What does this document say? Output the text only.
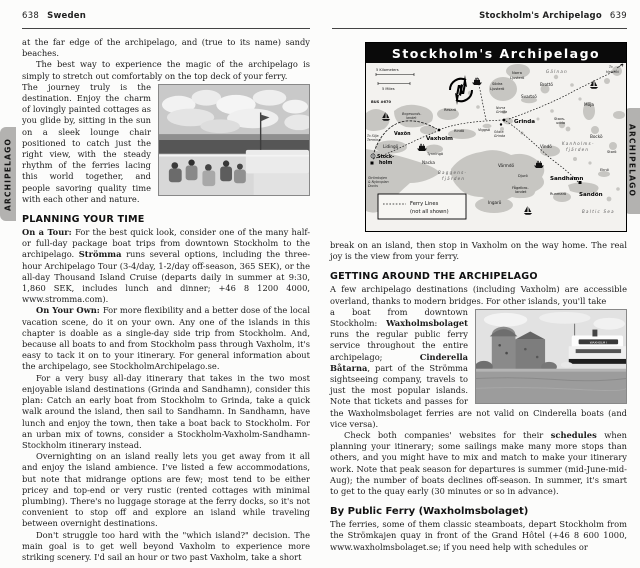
638 Sweden
ARCHIPELAGO

at the far edge of the archipelago, and (true to its name) sandy beaches.

The best way to experience the magic of the archipelago is simply to stretch out comfortably on the top deck of your ferry.

The journey truly is the destination. Enjoy the charm of lovingly painted cottages as you glide by, sitting in the sun on a sleek lounge chair positioned to catch just the right view, with the steady rhythm of the ferries lacing this world together, and people savoring quality time with each other and nature.

PLANNING YOUR TIME

On a Tour: For the best quick look, consider one of the many half- or full-day package boat trips from downtown Stockholm to the archipelago. Strömma runs several options, including the three-hour Archipelago Tour (3-4/day, 1-2/day off-season, 365 SEK), or the all-day Thousand Island Cruise (departs daily in summer at 9:30, 1,860 SEK, includes lunch and dinner; +46 8 1200 4000, www.stromma.com).

On Your Own: For more flexibility and a better dose of the local vacation scene, do it on your own. Any one of the islands in this chapter is doable as a single-day side trip from Stockholm. And, because all boats to and from Stockholm pass through Vaxholm, it's easy to tack it on to your itinerary. For general information about the archipelago, see StockholmArchipelago.se.

For a very busy all-day itinerary that takes in the two most enjoyable island destinations (Grinda and Sandhamn), consider this plan: Catch an early boat from Stockholm to Grinda, take a quick walk around the island, then sail to Sandhamn. In Sandhamn, have lunch and enjoy the town, then take a boat back to Stockholm. For an urban mix of towns, consider a Stockholm-Vaxholm-Sandhamn-Stockholm itinerary instead.

Overnighting on an island really lets you get away from it all and enjoy the island ambience. I've listed a few accommodations, but note that midrange options are few; most tend to be either pricey and top-end or very rustic (rented cottages with minimal plumbing). There's no luggage storage at the ferry docks, so it's not convenient to stop off and explore an island while traveling between overnight destinations.

Don't struggle too hard with the "which island?" decision. The main goal is to get well beyond Vaxholm to experience more striking scenery. I'd sail an hour or two past Vaxholm, take a short

Stockholm's Archipelago 639
ARCHIPELAGO
Stockholm's Archipelago
5 Kilometers
5 Miles
BUS #670
N
Stock-
holm
Strömkajen
& Nybroplan
Docks
To Silja
Terminal
Lidingö
Nacka
Bogesunds-
landet
Vaxön
Vaxholm
Resarö
Rindö	Viggsö
Tynningö
Norra
Ljusterö
Södra
Ljusterö
Gälnan
Brottö
Svartsö
Norra
Grinda
Grinda
Södra
Grinda
Möja
Stavs-
udda
Bockö
Storö
Vindö
Kanholms-
fjärden
Baggens-
fjärden
Värmdö
Djurö
Ingarö
Fågelbro-
landet	Runmarö
Sandhamn
Sandön
Eknö
Baltic Sea
To
Helsinki
Ferry Lines
(not all shown)

break on an island, then stop in Vaxholm on the way home. The real joy is the view from your ferry.

GETTING AROUND THE ARCHIPELAGO

A few archipelago destinations (including Vaxholm) are accessible overland, thanks to modern bridges. For other islands, you'll take

WAXHOLM I

a boat from downtown Stockholm: Waxholmsbolaget runs the regular public ferry service throughout the entire archipelago; Cinderella Båtarna, part of the Strömma sightseeing company, travels to just the most popular islands. Note that tickets and passes for the Waxholmsbolaget ferries are not valid on Cinderella boats (and vice versa).

Check both companies' websites for their schedules when planning your itinerary; some sailings make many more stops than others, and you might have to mix and match to make your itinerary work. Note that peak season for departures is summer (mid-June-mid-Aug); the number of boats declines off-season. In summer, it's smart to get to the quay early (30 minutes or so in advance).

By Public Ferry (Waxholmsbolaget)

The ferries, some of them classic steamboats, depart Stockholm from the Strömkajen quay in front of the Grand Hôtel (+46 8 600 1000, www.waxholmsbolaget.se; if you need help with schedules or
